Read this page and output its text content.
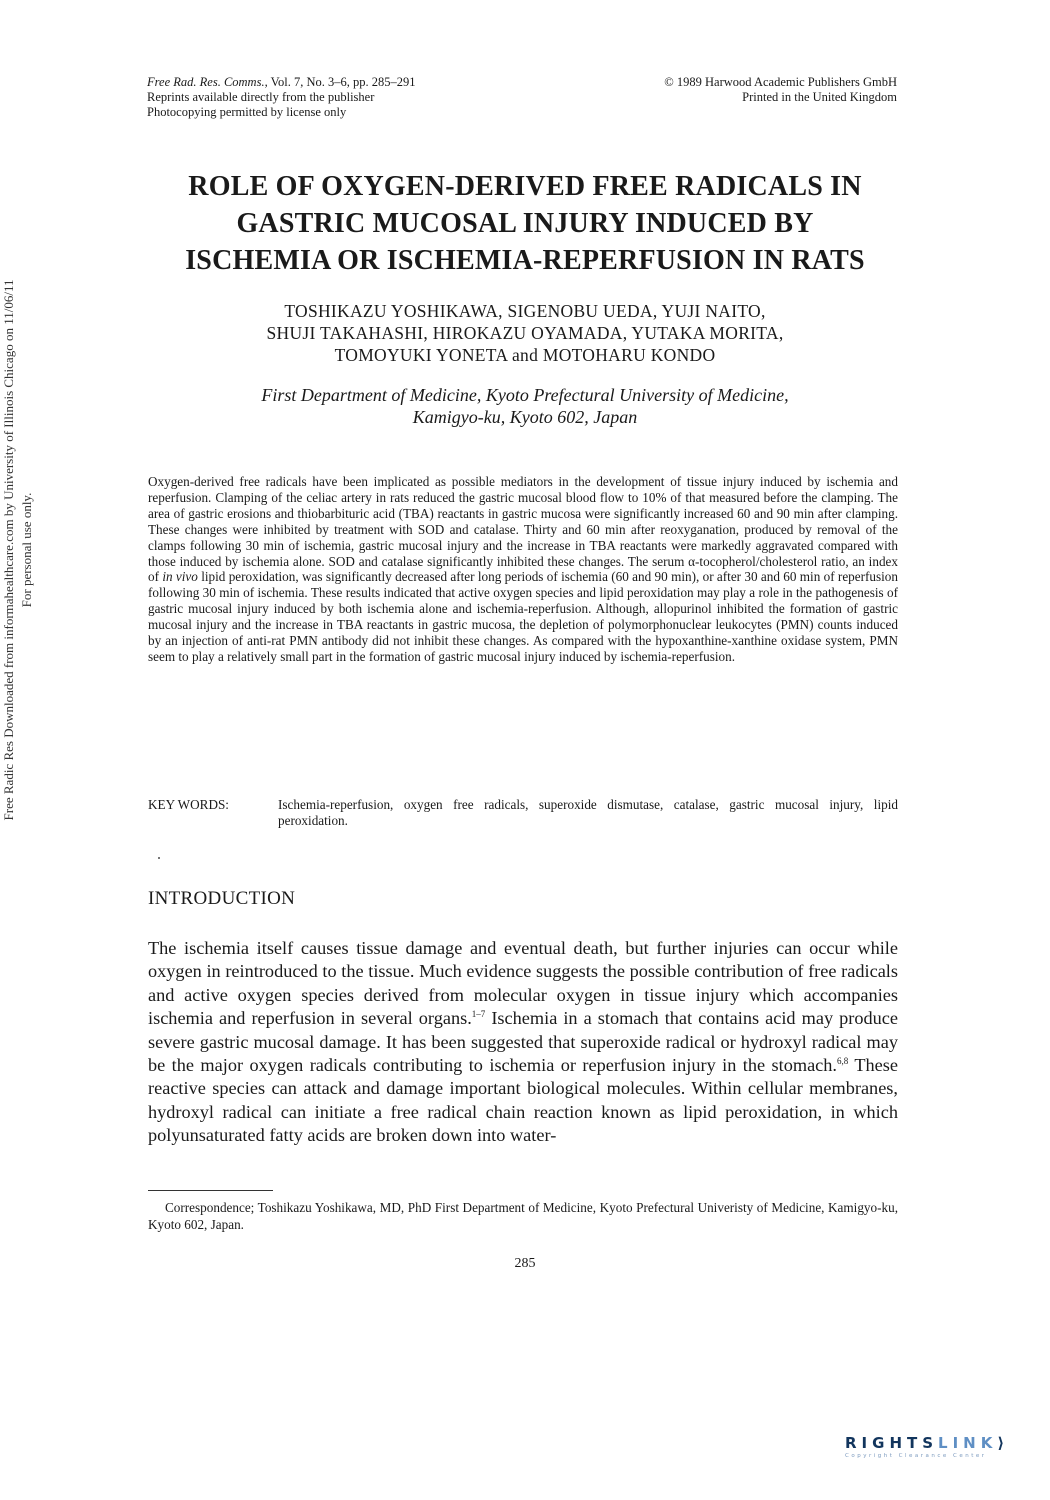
Free Rad. Res. Comms., Vol. 7, No. 3–6, pp. 285–291
Reprints available directly from the publisher
Photocopying permitted by license only
© 1989 Harwood Academic Publishers GmbH
Printed in the United Kingdom
Free Radic Res Downloaded from informahealthcare.com by University of Illinois Chicago on 11/06/11 For personal use only.
ROLE OF OXYGEN-DERIVED FREE RADICALS IN
GASTRIC MUCOSAL INJURY INDUCED BY
ISCHEMIA OR ISCHEMIA-REPERFUSION IN RATS
TOSHIKAZU YOSHIKAWA, SIGENOBU UEDA, YUJI NAITO,
SHUJI TAKAHASHI, HIROKAZU OYAMADA, YUTAKA MORITA,
TOMOYUKI YONETA and MOTOHARU KONDO
First Department of Medicine, Kyoto Prefectural University of Medicine,
Kamigyo-ku, Kyoto 602, Japan
Oxygen-derived free radicals have been implicated as possible mediators in the development of tissue injury induced by ischemia and reperfusion. Clamping of the celiac artery in rats reduced the gastric mucosal blood flow to 10% of that measured before the clamping. The area of gastric erosions and thiobarbituric acid (TBA) reactants in gastric mucosa were significantly increased 60 and 90 min after clamping. These changes were inhibited by treatment with SOD and catalase. Thirty and 60 min after reoxyganation, produced by removal of the clamps following 30 min of ischemia, gastric mucosal injury and the increase in TBA reactants were markedly aggravated compared with those induced by ischemia alone. SOD and catalase significantly inhibited these changes. The serum α-tocopherol/cholesterol ratio, an index of in vivo lipid peroxidation, was significantly decreased after long periods of ischemia (60 and 90 min), or after 30 and 60 min of reperfusion following 30 min of ischemia. These results indicated that active oxygen species and lipid peroxidation may play a role in the pathogenesis of gastric mucosal injury induced by both ischemia alone and ischemia-reperfusion. Although, allopurinol inhibited the formation of gastric mucosal injury and the increase in TBA reactants in gastric mucosa, the depletion of polymorphonuclear leukocytes (PMN) counts induced by an injection of anti-rat PMN antibody did not inhibit these changes. As compared with the hypoxanthine-xanthine oxidase system, PMN seem to play a relatively small part in the formation of gastric mucosal injury induced by ischemia-reperfusion.
KEY WORDS:	Ischemia-reperfusion, oxygen free radicals, superoxide dismutase, catalase, gastric mucosal injury, lipid peroxidation.
INTRODUCTION
The ischemia itself causes tissue damage and eventual death, but further injuries can occur while oxygen in reintroduced to the tissue. Much evidence suggests the possible contribution of free radicals and active oxygen species derived from molecular oxygen in tissue injury which accompanies ischemia and reperfusion in several organs.$^{1-7}$ Ischemia in a stomach that contains acid may produce severe gastric mucosal damage. It has been suggested that superoxide radical or hydroxyl radical may be the major oxygen radicals contributing to ischemia or reperfusion injury in the stomach.$^{6,8}$ These reactive species can attack and damage important biological molecules. Within cellular membranes, hydroxyl radical can initiate a free radical chain reaction known as lipid peroxidation, in which polyunsaturated fatty acids are broken down into water-
Correspondence; Toshikazu Yoshikawa, MD, PhD First Department of Medicine, Kyoto Prefectural Univeristy of Medicine, Kamigyo-ku, Kyoto 602, Japan.
285
RIGHTSLINK⟩
Copyright Clearance Center
